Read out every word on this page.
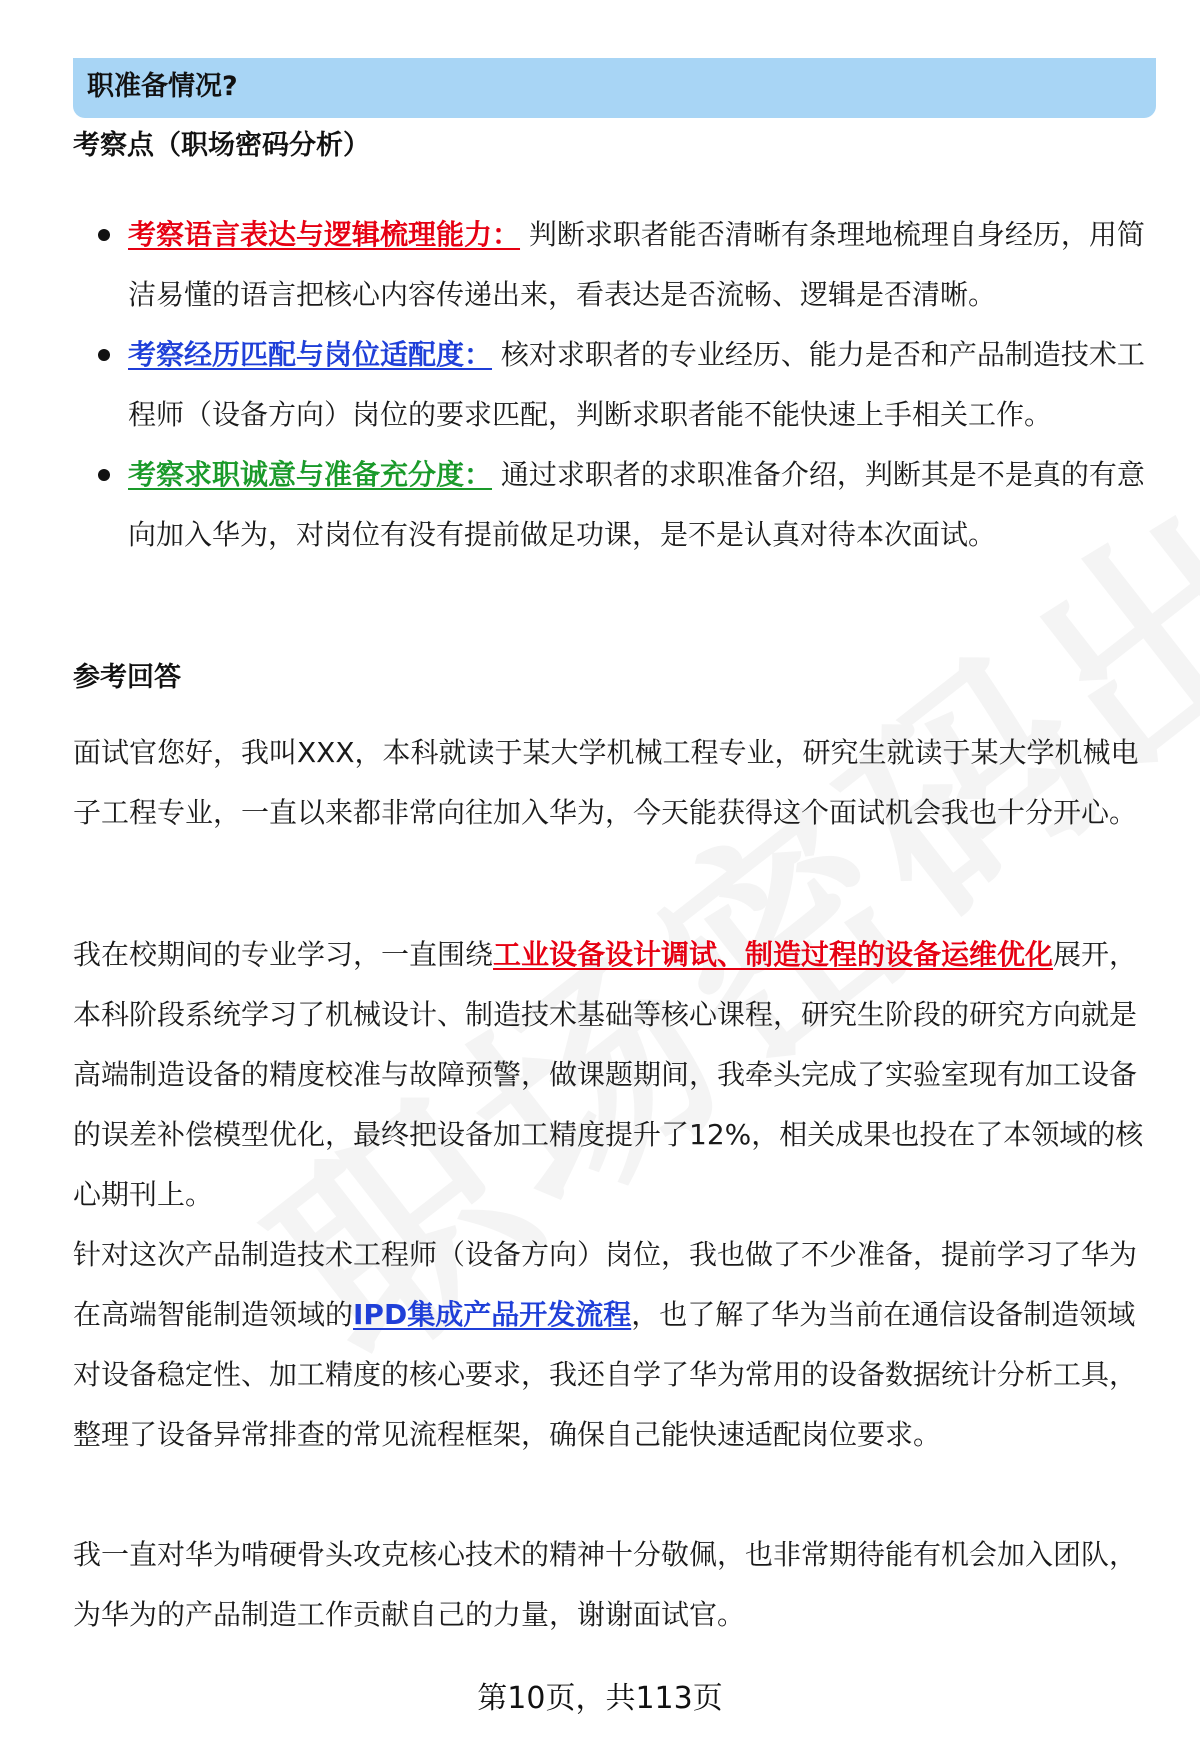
职准备情况?
考察点（职场密码分析）
考察语言表达与逻辑梳理能力： 判断求职者能否清晰有条理地梳理自身经历，用简洁易懂的语言把核心内容传递出来，看表达是否流畅、逻辑是否清晰。
考察经历匹配与岗位适配度： 核对求职者的专业经历、能力是否和产品制造技术工程师（设备方向）岗位的要求匹配，判断求职者能不能快速上手相关工作。
考察求职诚意与准备充分度： 通过求职者的求职准备介绍，判断其是不是真的有意向加入华为，对岗位有没有提前做足功课，是不是认真对待本次面试。
参考回答
面试官您好，我叫XXX，本科就读于某大学机械工程专业，研究生就读于某大学机械电子工程专业，一直以来都非常向往加入华为，今天能获得这个面试机会我也十分开心。
我在校期间的专业学习，一直围绕工业设备设计调试、制造过程的设备运维优化展开，本科阶段系统学习了机械设计、制造技术基础等核心课程，研究生阶段的研究方向就是高端制造设备的精度校准与故障预警，做课题期间，我牵头完成了实验室现有加工设备的误差补偿模型优化，最终把设备加工精度提升了12%，相关成果也投在了本领域的核心期刊上。
针对这次产品制造技术工程师（设备方向）岗位，我也做了不少准备，提前学习了华为在高端智能制造领域的IPD集成产品开发流程，也了解了华为当前在通信设备制造领域对设备稳定性、加工精度的核心要求，我还自学了华为常用的设备数据统计分析工具，整理了设备异常排查的常见流程框架，确保自己能快速适配岗位要求。
我一直对华为啃硬骨头攻克核心技术的精神十分敬佩，也非常期待能有机会加入团队，为华为的产品制造工作贡献自己的力量，谢谢面试官。
第10页，共113页
